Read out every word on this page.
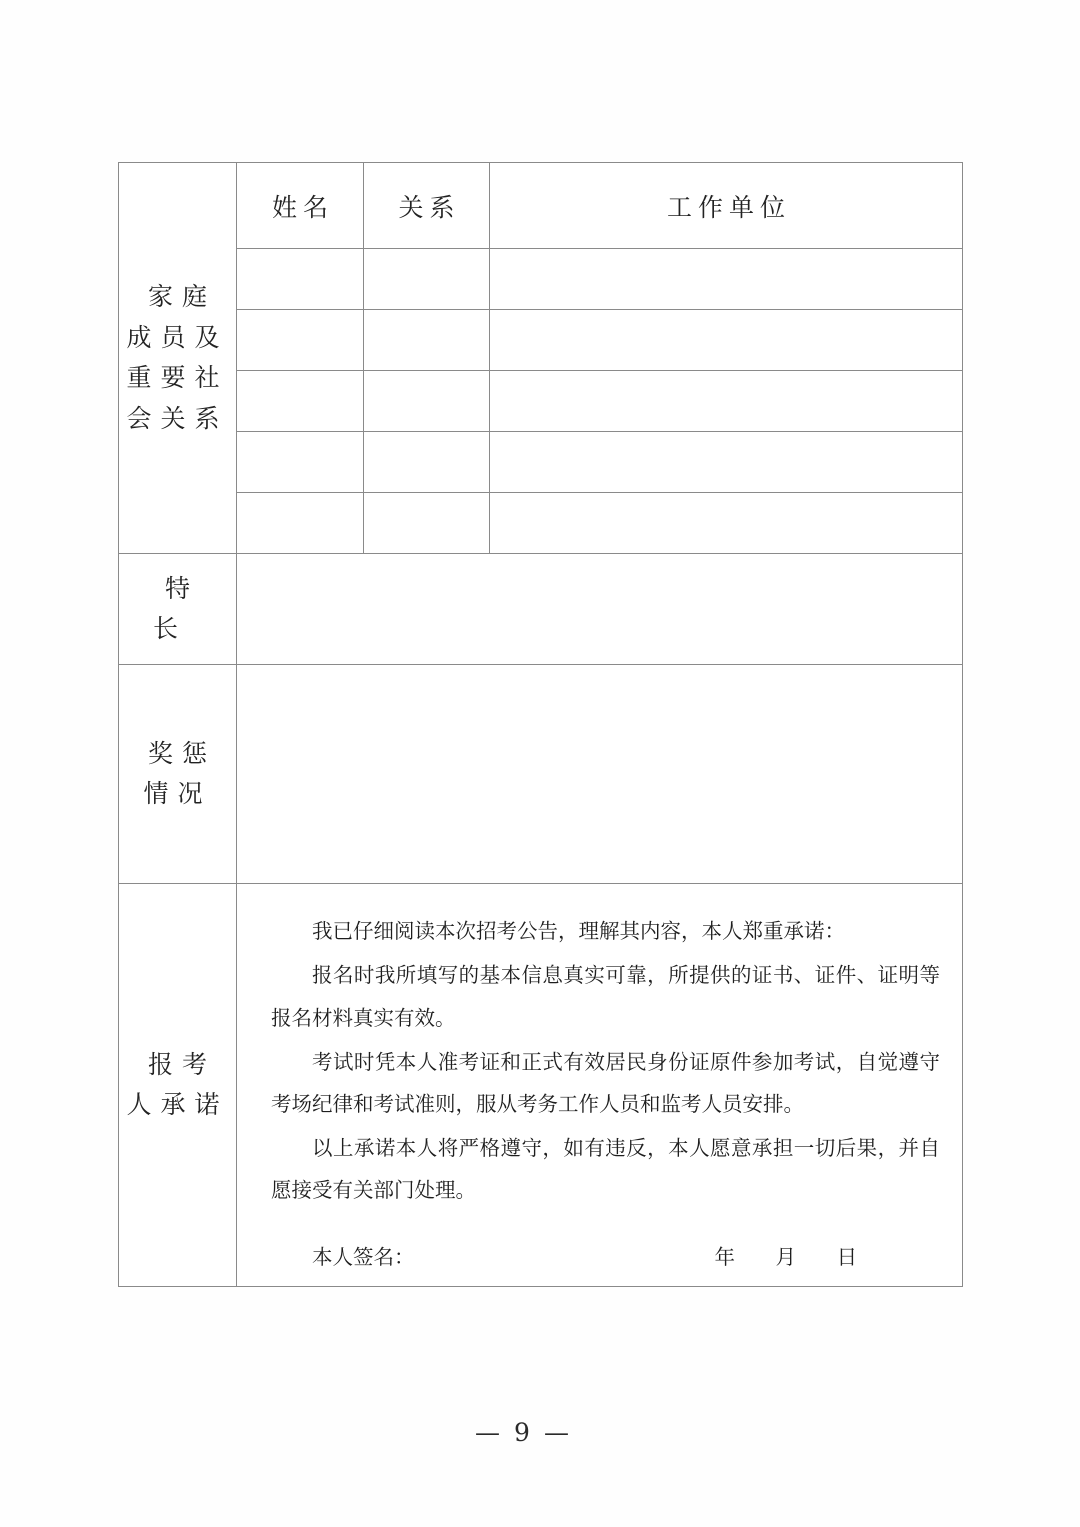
家庭成员及重要社会关系	姓名	关系	工作单位

特长			

奖惩情况			

报考人承诺

我已仔细阅读本次招考公告，理解其内容，本人郑重承诺：

报名时我所填写的基本信息真实可靠，所提供的证书、证件、证明等报名材料真实有效。

考试时凭本人准考证和正式有效居民身份证原件参加考试，自觉遵守考场纪律和考试准则，服从考务工作人员和监考人员安排。

以上承诺本人将严格遵守，如有违反，本人愿意承担一切后果，并自愿接受有关部门处理。

本人签名：	年 月 日
— 9 —
